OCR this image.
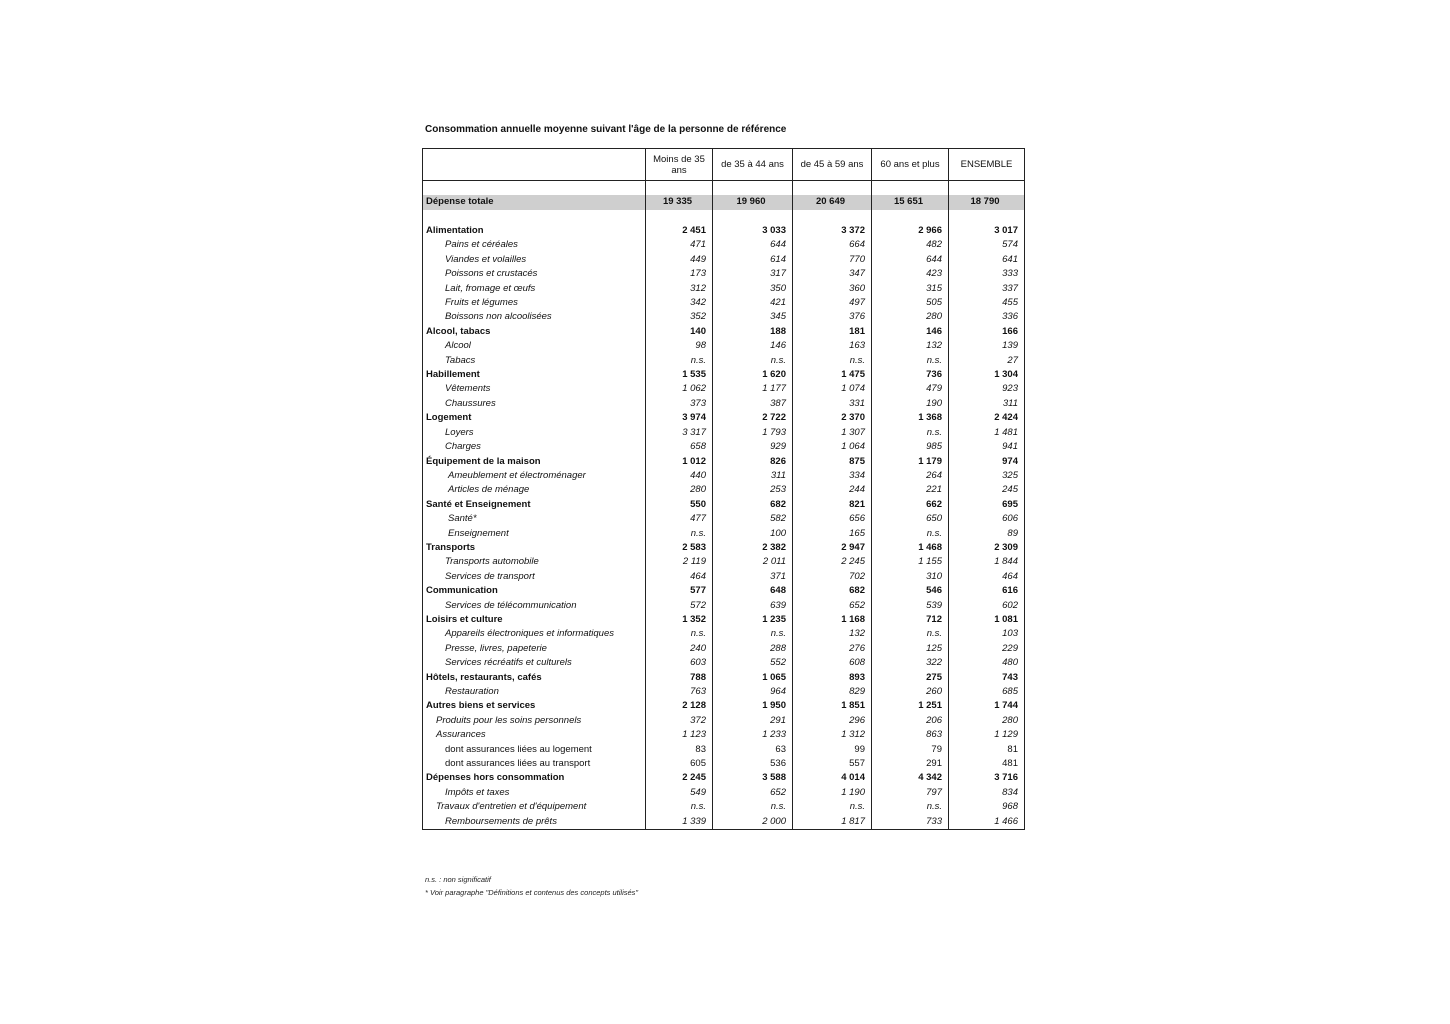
Consommation annuelle moyenne suivant l'âge de la personne de référence
	Moins de 35 ans	de 35 à 44 ans	de 45 à 59 ans	60 ans et plus	ENSEMBLE

Dépense totale	19 335	19 960	20 649	15 651	18 790

Alimentation	2 451	3 033	3 372	2 966	3 017
Pains et céréales	471	644	664	482	574
Viandes et volailles	449	614	770	644	641
Poissons et crustacés	173	317	347	423	333
Lait, fromage et œufs	312	350	360	315	337
Fruits et légumes	342	421	497	505	455
Boissons non alcoolisées	352	345	376	280	336
Alcool, tabacs	140	188	181	146	166
Alcool	98	146	163	132	139
Tabacs	n.s.	n.s.	n.s.	n.s.	27
Habillement	1 535	1 620	1 475	736	1 304
Vêtements	1 062	1 177	1 074	479	923
Chaussures	373	387	331	190	311
Logement	3 974	2 722	2 370	1 368	2 424
Loyers	3 317	1 793	1 307	n.s.	1 481
Charges	658	929	1 064	985	941
Équipement de la maison	1 012	826	875	1 179	974
Ameublement et électroménager	440	311	334	264	325
Articles de ménage	280	253	244	221	245
Santé et Enseignement	550	682	821	662	695
Santé*	477	582	656	650	606
Enseignement	n.s.	100	165	n.s.	89
Transports	2 583	2 382	2 947	1 468	2 309
Transports automobile	2 119	2 011	2 245	1 155	1 844
Services de transport	464	371	702	310	464
Communication	577	648	682	546	616
Services de télécommunication	572	639	652	539	602
Loisirs et culture	1 352	1 235	1 168	712	1 081
Appareils électroniques et informatiques	n.s.	n.s.	132	n.s.	103
Presse, livres, papeterie	240	288	276	125	229
Services récréatifs et culturels	603	552	608	322	480
Hôtels, restaurants, cafés	788	1 065	893	275	743
Restauration	763	964	829	260	685
Autres biens et services	2 128	1 950	1 851	1 251	1 744
Produits pour les soins personnels	372	291	296	206	280
Assurances	1 123	1 233	1 312	863	1 129
dont assurances liées au logement	83	63	99	79	81
dont assurances liées au transport	605	536	557	291	481
Dépenses hors consommation	2 245	3 588	4 014	4 342	3 716
Impôts et taxes	549	652	1 190	797	834
Travaux d'entretien et d'équipement	n.s.	n.s.	n.s.	n.s.	968
Remboursements de prêts	1 339	2 000	1 817	733	1 466
n.s. : non significatif
* Voir paragraphe "Définitions et contenus des concepts utilisés"
